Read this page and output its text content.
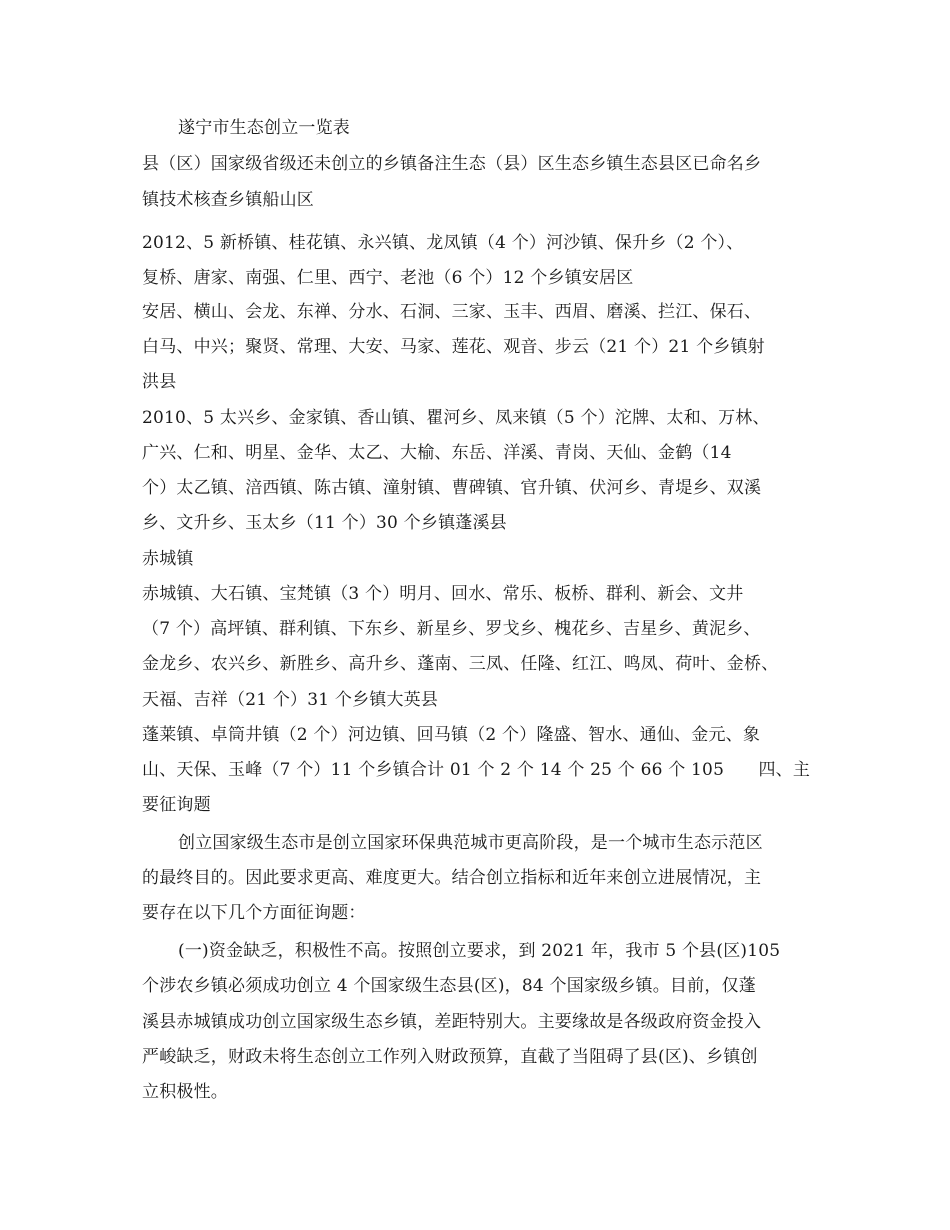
遂宁市生态创立一览表
县（区）国家级省级还未创立的乡镇备注生态（县）区生态乡镇生态县区已命名乡
镇技术核查乡镇船山区
2012、5 新桥镇、桂花镇、永兴镇、龙凤镇（4 个）河沙镇、保升乡（2 个）、
复桥、唐家、南强、仁里、西宁、老池（6 个）12 个乡镇安居区
安居、横山、会龙、东禅、分水、石洞、三家、玉丰、西眉、磨溪、拦江、保石、
白马、中兴；聚贤、常理、大安、马家、莲花、观音、步云（21 个）21 个乡镇射
洪县
2010、5 太兴乡、金家镇、香山镇、瞿河乡、凤来镇（5 个）沱牌、太和、万林、
广兴、仁和、明星、金华、太乙、大榆、东岳、洋溪、青岗、天仙、金鹤（14
个）太乙镇、涪西镇、陈古镇、潼射镇、曹碑镇、官升镇、伏河乡、青堤乡、双溪
乡、文升乡、玉太乡（11 个）30 个乡镇蓬溪县
赤城镇
赤城镇、大石镇、宝梵镇（3 个）明月、回水、常乐、板桥、群利、新会、文井
（7 个）高坪镇、群利镇、下东乡、新星乡、罗戈乡、槐花乡、吉星乡、黄泥乡、
金龙乡、农兴乡、新胜乡、高升乡、蓬南、三凤、任隆、红江、鸣凤、荷叶、金桥、
天福、吉祥（21 个）31 个乡镇大英县
蓬莱镇、卓筒井镇（2 个）河边镇、回马镇（2 个）隆盛、智水、通仙、金元、象
山、天保、玉峰（7 个）11 个乡镇合计 01 个 2 个 14 个 25 个 66 个 105　　四、主
要征询题
创立国家级生态市是创立国家环保典范城市更高阶段，是一个城市生态示范区
的最终目的。因此要求更高、难度更大。结合创立指标和近年来创立进展情况，主
要存在以下几个方面征询题：
(一)资金缺乏，积极性不高。按照创立要求，到 2021 年，我市 5 个县(区)105
个涉农乡镇必须成功创立 4 个国家级生态县(区)，84 个国家级乡镇。目前，仅蓬
溪县赤城镇成功创立国家级生态乡镇，差距特别大。主要缘故是各级政府资金投入
严峻缺乏，财政未将生态创立工作列入财政预算，直截了当阻碍了县(区)、乡镇创
立积极性。
